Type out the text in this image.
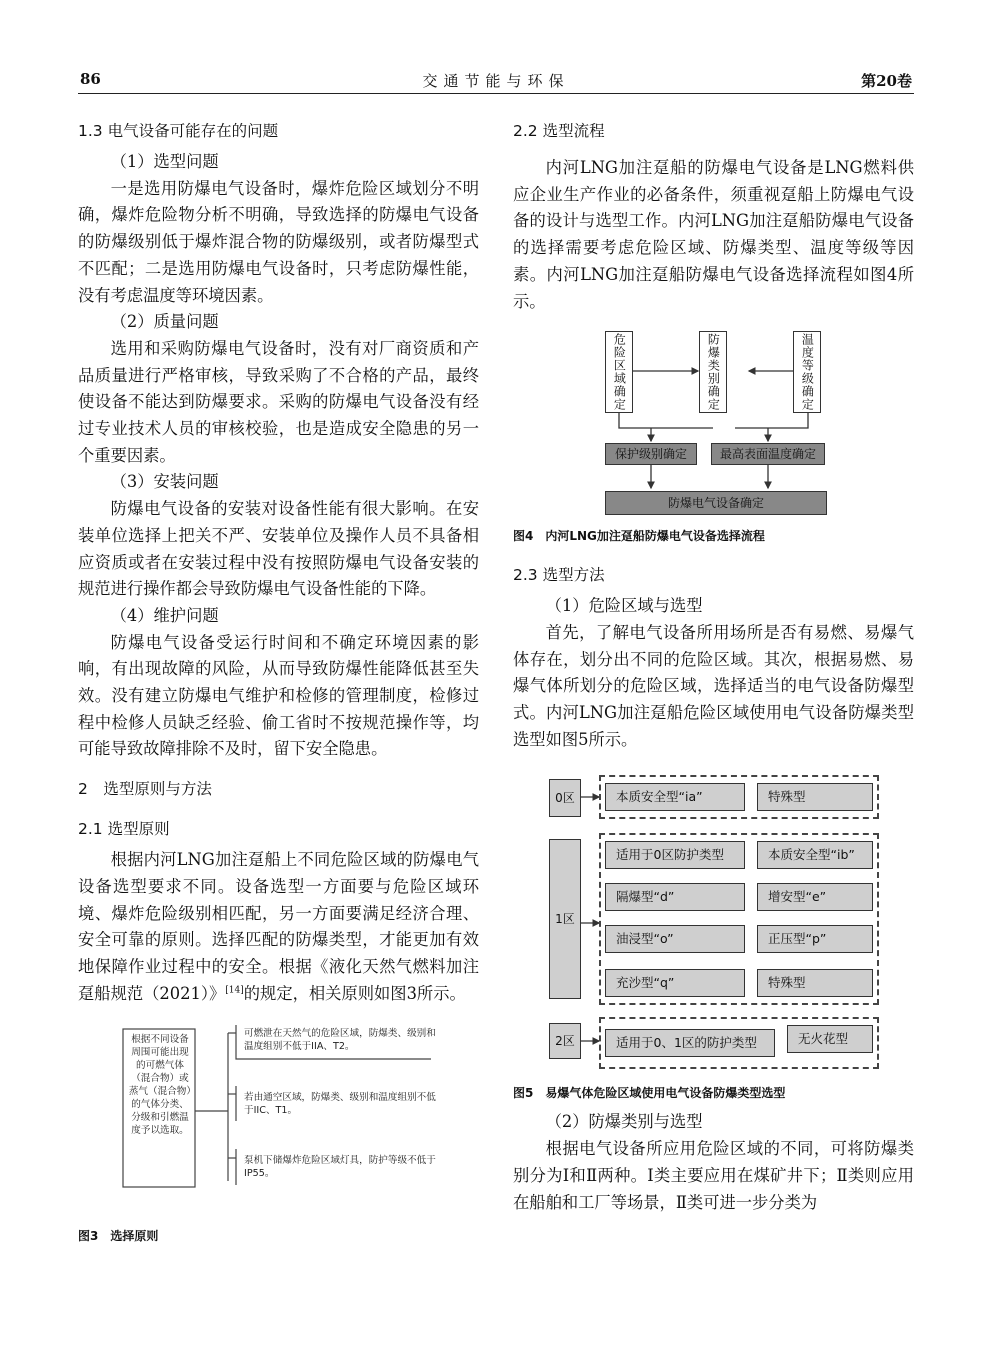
86	交通节能与环保	第20卷

1.3 电气设备可能存在的问题

（1）选型问题

一是选用防爆电气设备时，爆炸危险区域划分不明确，爆炸危险物分析不明确，导致选择的防爆电气设备的防爆级别低于爆炸混合物的防爆级别，或者防爆型式不匹配；二是选用防爆电气设备时，只考虑防爆性能，没有考虑温度等环境因素。

（2）质量问题

选用和采购防爆电气设备时，没有对厂商资质和产品质量进行严格审核，导致采购了不合格的产品，最终使设备不能达到防爆要求。采购的防爆电气设备没有经过专业技术人员的审核校验，也是造成安全隐患的另一个重要因素。

（3）安装问题

防爆电气设备的安装对设备性能有很大影响。在安装单位选择上把关不严、安装单位及操作人员不具备相应资质或者在安装过程中没有按照防爆电气设备安装的规范进行操作都会导致防爆电气设备性能的下降。

（4）维护问题

防爆电气设备受运行时间和不确定环境因素的影响，有出现故障的风险，从而导致防爆性能降低甚至失效。没有建立防爆电气维护和检修的管理制度，检修过程中检修人员缺乏经验、偷工省时不按规范操作等，均可能导致故障排除不及时，留下安全隐患。

2　选型原则与方法

2.1 选型原则

根据内河LNG加注趸船上不同危险区域的防爆电气设备选型要求不同。设备选型一方面要与危险区域环境、爆炸危险级别相匹配，另一方面要满足经济合理、安全可靠的原则。选择匹配的防爆类型，才能更加有效地保障作业过程中的安全。根据《液化天然气燃料加注趸船规范（2021）》[14]的规定，相关原则如图3所示。

根据不同设备周围可能出现的可燃气体（混合物）或蒸气（混合物）的气体分类、分级和引燃温度予以选取。
可燃泄在天然气的危险区域，防爆类、级别和温度组别不低于IIA、T2。
若由通空区域，防爆类、级别和温度组别不低于IIC、T1。
泵机下储爆炸危险区域灯具，防护等级不低于IP55。

图3　选择原则

2.2 选型流程

内河LNG加注趸船的防爆电气设备是LNG燃料供应企业生产作业的必备条件，须重视趸船上防爆电气设备的设计与选型工作。内河LNG加注趸船防爆电气设备的选择需要考虑危险区域、防爆类型、温度等级等因素。内河LNG加注趸船防爆电气设备选择流程如图4所示。

危险区域确定	防爆类别确定	温度等级确定
保护级别确定	最高表面温度确定
防爆电气设备确定

图4　内河LNG加注趸船防爆电气设备选择流程

2.3 选型方法

（1）危险区域与选型

首先，了解电气设备所用场所是否有易燃、易爆气体存在，划分出不同的危险区域。其次，根据易燃、易爆气体所划分的危险区域，选择适当的电气设备防爆型式。内河LNG加注趸船危险区域使用电气设备防爆类型选型如图5所示。

0区
1区
2区
本质安全型“ia”	特殊型
适用于0区防护类型	本质安全型“ib”
隔爆型“d”	增安型“e”
油浸型“o”	正压型“p”
充沙型“q”	特殊型
适用于0、1区的防护类型	无火花型

图5　易爆气体危险区域使用电气设备防爆类型选型

（2）防爆类别与选型

根据电气设备所应用危险区域的不同，可将防爆类别分为Ⅰ和Ⅱ两种。Ⅰ类主要应用在煤矿井下；Ⅱ类则应用在船舶和工厂等场景，Ⅱ类可进一步分类为
